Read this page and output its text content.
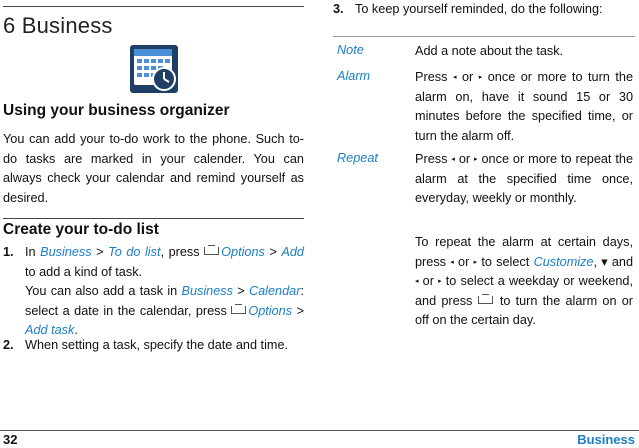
6 Business
Using your business organizer
You can add your to-do work to the phone. Such to-do tasks are marked in your calender. You can always check your calendar and remind yourself as desired.
Create your to-do list
1. In Business > To do list, press Options > Add to add a kind of task.
You can also add a task in Business > Calendar: select a date in the calendar, press Options > Add task.
2. When setting a task, specify the date and time.
3. To keep yourself reminded, do the following:
Note	Add a note about the task.
Alarm	Press ◂ or ▸ once or more to turn the alarm on, have it sound 15 or 30 minutes before the specified time, or turn the alarm off.
Repeat	Press ◂ or ▸ once or more to repeat the alarm at the specified time once, everyday, weekly or monthly.
To repeat the alarm at certain days, press ◂ or ▸ to select Customize, ▾ and ◂ or ▸ to select a weekday or weekend, and press to turn the alarm on or off on the certain day.
32	Business
